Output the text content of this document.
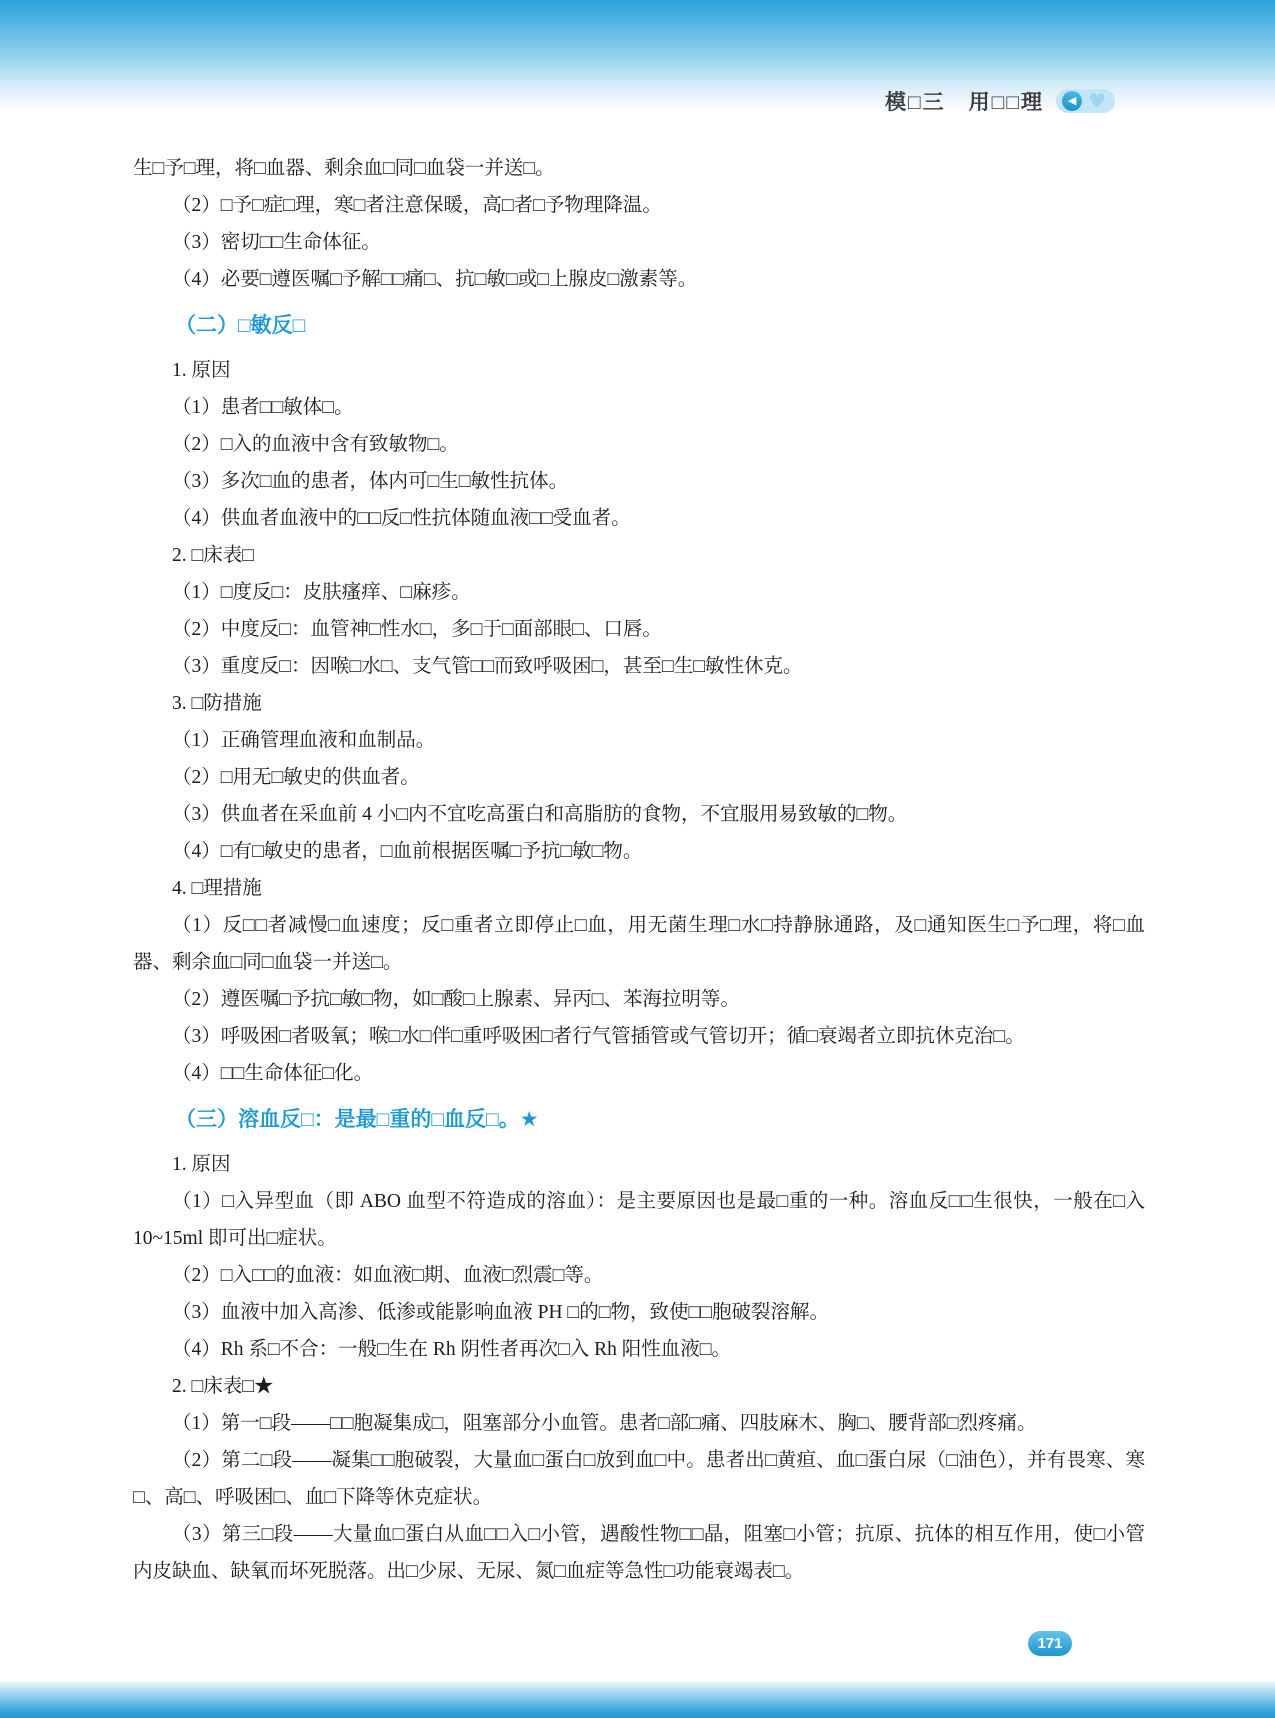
模□三　用□□理	◀ ♥

生□予□理，将□血器、剩余血□同□血袋一并送□。

（2）□予□症□理，寒□者注意保暖，高□者□予物理降温。

（3）密切□□生命体征。

（4）必要□遵医嘱□予解□□痛□、抗□敏□或□上腺皮□激素等。

（二）□敏反□

1. 原因

（1）患者□□敏体□。

（2）□入的血液中含有致敏物□。

（3）多次□血的患者，体内可□生□敏性抗体。

（4）供血者血液中的□□反□性抗体随血液□□受血者。

2. □床表□

（1）□度反□：皮肤瘙痒、□麻疹。

（2）中度反□：血管神□性水□，多□于□面部眼□、口唇。

（3）重度反□：因喉□水□、支气管□□而致呼吸困□，甚至□生□敏性休克。

3. □防措施

（1）正确管理血液和血制品。

（2）□用无□敏史的供血者。

（3）供血者在采血前 4 小□内不宜吃高蛋白和高脂肪的食物，不宜服用易致敏的□物。

（4）□有□敏史的患者，□血前根据医嘱□予抗□敏□物。

4. □理措施

（1）反□□者减慢□血速度；反□重者立即停止□血，用无菌生理□水□持静脉通路，及□通知医生□予□理，将□血器、剩余血□同□血袋一并送□。

（2）遵医嘱□予抗□敏□物，如□酸□上腺素、异丙□、苯海拉明等。

（3）呼吸困□者吸氧；喉□水□伴□重呼吸困□者行气管插管或气管切开；循□衰竭者立即抗休克治□。

（4）□□生命体征□化。

（三）溶血反□：是最□重的□血反□。★

1. 原因

（1）□入异型血（即 ABO 血型不符造成的溶血）：是主要原因也是最□重的一种。溶血反□□生很快，一般在□入 10~15ml 即可出□症状。

（2）□入□□的血液：如血液□期、血液□烈震□等。

（3）血液中加入高渗、低渗或能影响血液 PH □的□物，致使□□胞破裂溶解。

（4）Rh 系□不合：一般□生在 Rh 阴性者再次□入 Rh 阳性血液□。

2. □床表□★

（1）第一□段——□□胞凝集成□，阻塞部分小血管。患者□部□痛、四肢麻木、胸□、腰背部□烈疼痛。

（2）第二□段——凝集□□胞破裂，大量血□蛋白□放到血□中。患者出□黄疸、血□蛋白尿（□油色），并有畏寒、寒□、高□、呼吸困□、血□下降等休克症状。

（3）第三□段——大量血□蛋白从血□□入□小管，遇酸性物□□晶，阻塞□小管；抗原、抗体的相互作用，使□小管内皮缺血、缺氧而坏死脱落。出□少尿、无尿、氮□血症等急性□功能衰竭表□。

171
